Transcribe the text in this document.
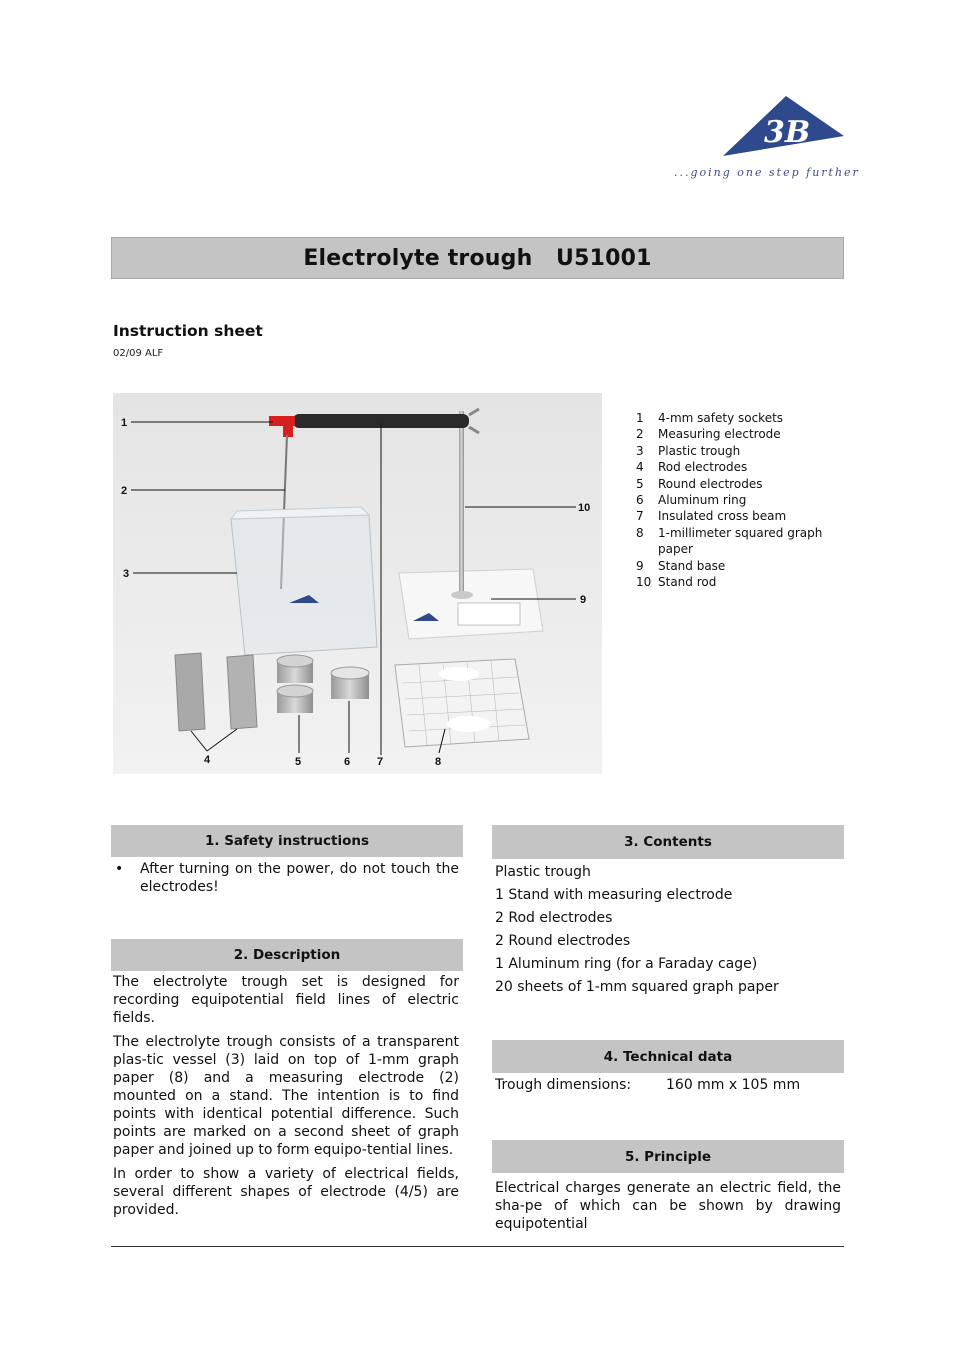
3B
...going one step further
Electrolyte trough   U51001
Instruction sheet
02/09 ALF
1
2
3
10
9
4	5	6 7	8
1	4-mm safety sockets
2	Measuring electrode
3	Plastic trough
4	Rod electrodes
5	Round electrodes
6	Aluminum ring
7	Insulated cross beam
8	1-millimeter squared graph paper
9	Stand base
10 Stand rod
1. Safety instructions
•	After turning on the power, do not touch the electrodes!
2. Description

The electrolyte trough set is designed for recording equipotential field lines of electric fields.

The electrolyte trough consists of a transparent plas-tic vessel (3) laid on top of 1-mm graph paper (8) and a measuring electrode (2) mounted on a stand. The intention is to find points with identical potential difference. Such points are marked on a second sheet of graph paper and joined up to form equipo-tential lines.

In order to show a variety of electrical fields, several different shapes of electrode (4/5) are provided.

3. Contents
Plastic trough
1 Stand with measuring electrode
2 Rod electrodes
2 Round electrodes
1 Aluminum ring (for a Faraday cage)
20 sheets of 1-mm squared graph paper
4. Technical data
Trough dimensions:	160 mm x 105 mm
5. Principle

Electrical charges generate an electric field, the sha-pe of which can be shown by drawing equipotential
